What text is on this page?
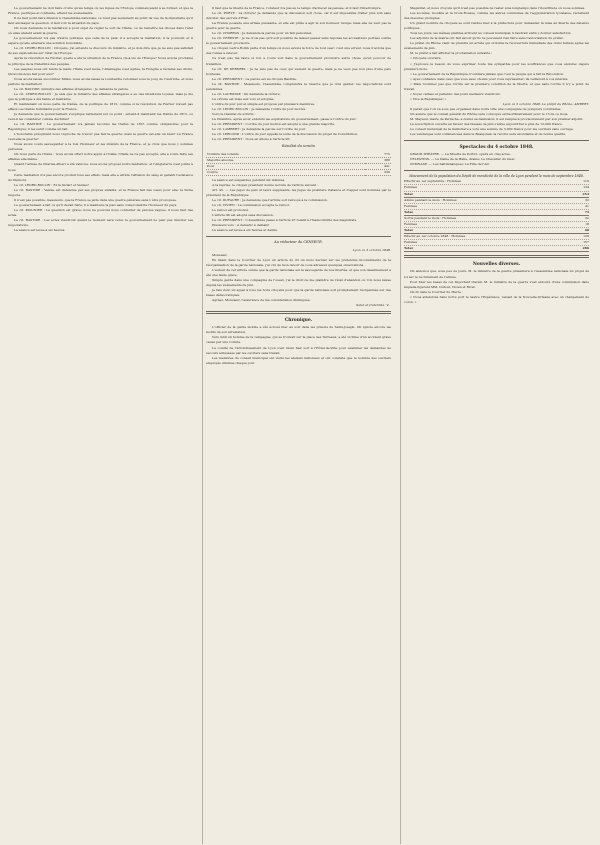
Le gouvernement ne doit faire croire qu'au temps où les ligues de l'Europe commençaient à se former, et que la France, pacifique et confiante, attend les événements.

Il ne faut point faire illusion à l'Assemblée nationale; ce n'est pas seulement au point de vue de la diplomatie qu'il faut envisager la question, il faut voir la situation du pays.

On nous demande si la médiation a pour objet de régler le sort de l'Italie, ou de remettre les choses dans l'état où elles étaient avant la guerre.

Le gouvernement n'a pas d'autre politique que celle de la paix; il a accepté la médiation, il la poursuit, et il espère qu'elle amènera une solution honorable.

Le cit. LEDRU-ROLLIN : Citoyens, j'ai entendu le discours du ministre, et je dois dire que je ne suis pas satisfait de ses explications sur l'état de l'Europe.

Après la révolution de Février, quelle a été la situation de la France vis-à-vis de l'Europe? Nous avions proclamé le principe de la fraternité des peuples.

Les peuples nous ont tendu la main; l'Italie s'est levée, l'Allemagne s'est agitée, la Hongrie a réclamé ses droits. Qu'avons-nous fait pour eux?

Nous avons laissé succomber Milan, nous avons laissé la Lombardie retomber sous le joug de l'Autriche, et nous parlons de médiation!

Le cit. BASTIDE, ministre des affaires étrangères : Je demande la parole.

Le cit. LEDRU-ROLLIN : Je sais que le ministre des affaires étrangères a eu des intentions loyales; mais je dis que la politique a été faible et hésitante.

Et maintenant on nous parle de traités, de la politique de 1815, comme si la révolution de Février n'avait pas effacé ces traités humiliants pour la France.

Je demande que le gouvernement s'explique nettement sur ce point : entend-il maintenir les traités de 1815, ou veut-il les considérer comme déchirés?

Le cit. BASTIDE : Le gouvernement n'a jamais reconnu les traités de 1815 comme obligatoires pour la République; il les subit comme un fait.

L'honorable préopinant nous reproche de n'avoir pas fait la guerre; mais la guerre est-elle un bien? La France veut-elle la guerre?

Nous avons voulu sauvegarder à la fois l'honneur et les intérêts de la France, et je crois que nous y sommes parvenus.

On nous parle de l'Italie : nous avons offert notre appui à l'Italie; l'Italie ne l'a pas accepté, elle a voulu faire ses affaires elle-même.

Quand l'armée de Charles-Albert a été vaincue, nous avons proposé notre médiation, et l'Angleterre s'est jointe à nous.

Cette médiation n'a pas encore produit tous ses effets, mais elle a arrêté l'effusion du sang et garanti l'existence du Piémont.

Le cit. LEDRU-ROLLIN : Et la Sicile? et Venise?

Le cit. BASTIDE : Venise est défendue par ses propres enfants, et la France fait des vœux pour elle; la Sicile négocie.

Il n'est pas possible, messieurs, que la France se jette dans une guerre générale sans y être provoquée.

Le gouvernement a fait ce qu'il devait faire; il a maintenu la paix sans compromettre l'honneur du pays.

Le cit. MOUNIER : La question est grave; nous ne pouvons nous contenter de paroles vagues, il nous faut des actes.

Le cit. BASTIDE : Les actes viendront quand le moment sera venu; le gouvernement ne peut pas dévoiler ses négociations.

La séance est levée à six heures.

Il faut que la liberté de la France, l'orateur n'a pas eu le temps d'achever sa pensée, et il faut l'interrompre.

Le cit. PORTE : La clôture! Je demande que la discussion soit close, car il est impossible d'aller plus loin sans dévoiler des secrets d'État.

La France possède une armée puissante, et elle est prête à agir si son honneur l'exige; mais elle ne veut pas la guerre pour la guerre.

Le cit. CHARRAS : Je demande la parole pour un fait personnel.

Le cit. CÉRESTE : Je ne crois pas qu'il soit possible de laisser passer sans réponse les accusations portées contre le gouvernement provisoire.

Le citoyen Ledru-Rollin parle d'un temps où nous avions la force de tout oser; c'est une erreur, nous n'avions que des ruines à relever.

Ce n'est pas ma faute si l'on a voulu voir dans le gouvernement provisoire autre chose qu'un pouvoir de transition.

Le cit. DE KERDREL : Je ne suis pas de ceux qui veulent la guerre, mais je ne veux pas non plus d'une paix honteuse.

Le cit. PRÉSIDENT : La parole est au citoyen Bastide.

Le cit. BASTIDE : Messieurs, l'Assemblée comprendra la réserve que je dois garder; les négociations sont pendantes.

Le cit. LACROSSE : On demande la clôture.

La clôture est mise aux voix et adoptée.

L'ordre du jour pur et simple est proposé par plusieurs membres.

Le cit. LEDRU-ROLLIN : Je demande l'ordre du jour motivé.

Voici le résultat du scrutin :

La Chambre, après avoir entendu les explications du gouvernement, passe à l'ordre du jour.

Le cit. PRÉSIDENT : L'ordre du jour motivé est adopté à une grande majorité.

Le cit. LAMBERT : Je demande la parole sur l'ordre du jour.

Le cit. LEBLOND : L'ordre du jour appelle la suite de la discussion du projet de Constitution.

Le cit. PRÉSIDENT : Nous en étions à l'article 95.

Résultat du scrutin
Nombre des votants	775
Majorité absolue	388
Pour	441
Contre	336

La séance est suspendue pendant dix minutes.

A la reprise, le citoyen président donne lecture de l'article suivant :

Art. 95. — Les juges de paix et leurs suppléants, les juges de première instance et d'appel sont nommés par le président de la République.

Le cit. DUFAURE : Je demande que l'article soit renvoyé à la commission.

Le cit. VIVIEN : La commission accepte le renvoi.

Le renvoi est prononcé.

L'article 96 est adopté sans discussion.

Le cit. PRÉSIDENT : L'Assemblée passe à l'article 97 relatif à l'inamovibilité des magistrats.

Plusieurs voix : A demain! à demain!

La séance est levée à six heures et demie.

Au rédacteur du CENSEUR.
Lyon, le 3 octobre 1848.

Monsieur,

En lisant dans le Courrier de Lyon un article du 22 du mois dernier sur les prétendus inconvénients de la réorganisation de la garde nationale, j'ai cru de mon devoir de vous adresser quelques observations.

L'auteur de cet article oublie que la garde nationale est la sauvegarde de nos libertés, et que son désarmement a été une faute grave.

Simple garde dans une compagnie de l'ouest, j'ai le droit de me plaindre de l'état d'abandon où l'on nous laisse depuis les événements de juin.

Je fais donc un appel à tous les bons citoyens pour que la garde nationale soit promptement réorganisée sur des bases démocratiques.

Agréez, Monsieur, l'assurance de ma considération distinguée.

Salut et fraternité. V...
Chronique.

L'officier de la garde mobile a été écroué hier au soir dans les prisons de Saint-Joseph. On ignore encore les motifs de son arrestation.

Vers midi un homme de la campagne, qui se trouvait sur la place des Terreaux, a été victime d'un accident grave causé par une voiture.

Le comité de l'arrondissement de Lyon s'est réuni hier soir à l'Hôtel-de-Ville pour examiner les demandes de secours adressées par les ouvriers sans travail.

Les membres du conseil municipal ont visité les ateliers nationaux et ont constaté que le nombre des ouvriers employés diminue chaque jour.

Magistrat, et nous croyons qu'il n'est pas possible de rester plus longtemps dans l'incertitude où nous sommes.

Les sociétés, moulins et la Croix-Rousse, comme les autres communes de l'agglomération lyonnaise, réclament des mesures promptes.

Un grand nombre de citoyens se sont rendus hier à la préfecture pour demander la mise en liberté des détenus politiques.

Tous les jours, les mêmes plaintes arrivent au conseil municipal; il faudrait enfin y donner satisfaction.

Les adjoints de la mairie ont fait savoir qu'ils ne pouvaient rien faire sans l'autorisation du préfet.

Le préfet du Rhône vient de prendre un arrêté qui ordonne la réouverture immédiate des clubs fermés après les événements de juin.

M. le préfet a fait afficher la proclamation suivante :

« Citoyens ouvriers,

« J'éprouve le besoin de vous exprimer toute ma sympathie pour les souffrances que vous endurez depuis plusieurs mois.

« Le gouvernement de la République n'oubliera jamais que c'est le peuple qui a fait la Révolution.

« Ayez confiance dans ceux que vous avez choisis pour vous représenter; ils veilleront à vos intérêts.

« Mais n'oubliez pas que l'ordre est la première condition de la liberté, et que sans l'ordre il n'y a point de travail.

« Soyez calmes et patients; des jours meilleurs viendront.

« Vive la République! »

Lyon, le 3 octobre 1848. Le préfet du Rhône, AMBERT.

Il paraît que l'on va sous peu organiser dans notre ville une compagnie de pompiers volontaires.

On assure que le conseil général du Rhône sera convoqué extraordinairement pour le 15 de ce mois.

M. Mayaud, maire de Perrache, a donné sa démission; il est remplacé provisoirement par son premier adjoint.

La souscription ouverte en faveur des blessés de juin s'élève aujourd'hui à plus de 12,000 francs.

Le conseil municipal de la Guillotière a voté une somme de 3,000 francs pour les ouvriers sans ouvrage.

Les vendanges sont commencées dans le Beaujolais; la récolte sera abondante et de bonne qualité.

Spectacles du 4 octobre 1848.

GRAND-THÉÂTRE. — La Muette de Portici, opéra en cinq actes.

CÉLESTINS. — La Dame de la Halle, drame; Le Chevalier du Guet.

GYMNASE. — Les Saltimbanques; La Fille de l'Air.

Mouvement de la population du Dépôt de mendicité de la ville de Lyon pendant le mois de septembre 1848.
Effectif au 1er septembre : Hommes	119
Femmes	134
Total	253
Admis pendant le mois : Hommes	32
Femmes	41
Total	73
Sortis pendant le mois : Hommes	22
Femmes	18
Total	40
Effectif au 1er octobre 1848 : Hommes	129
Femmes	157
Total	286
Nouvelles diverses.

On annonce que, sous peu de jours, M. le ministre de la guerre présentera à l'Assemblée nationale un projet de loi sur le recrutement de l'armée.

Pour fixer les bases de cet important travail, M. le ministre de la guerre s'est entouré d'une commission dans laquelle figurent MM. Dufour, Vivien et Rivet.

On lit dans le Courrier du Havre :

« Nous attendons dans notre port le navire l'Espérance, venant de la Nouvelle-Orléans avec un chargement de coton. »
